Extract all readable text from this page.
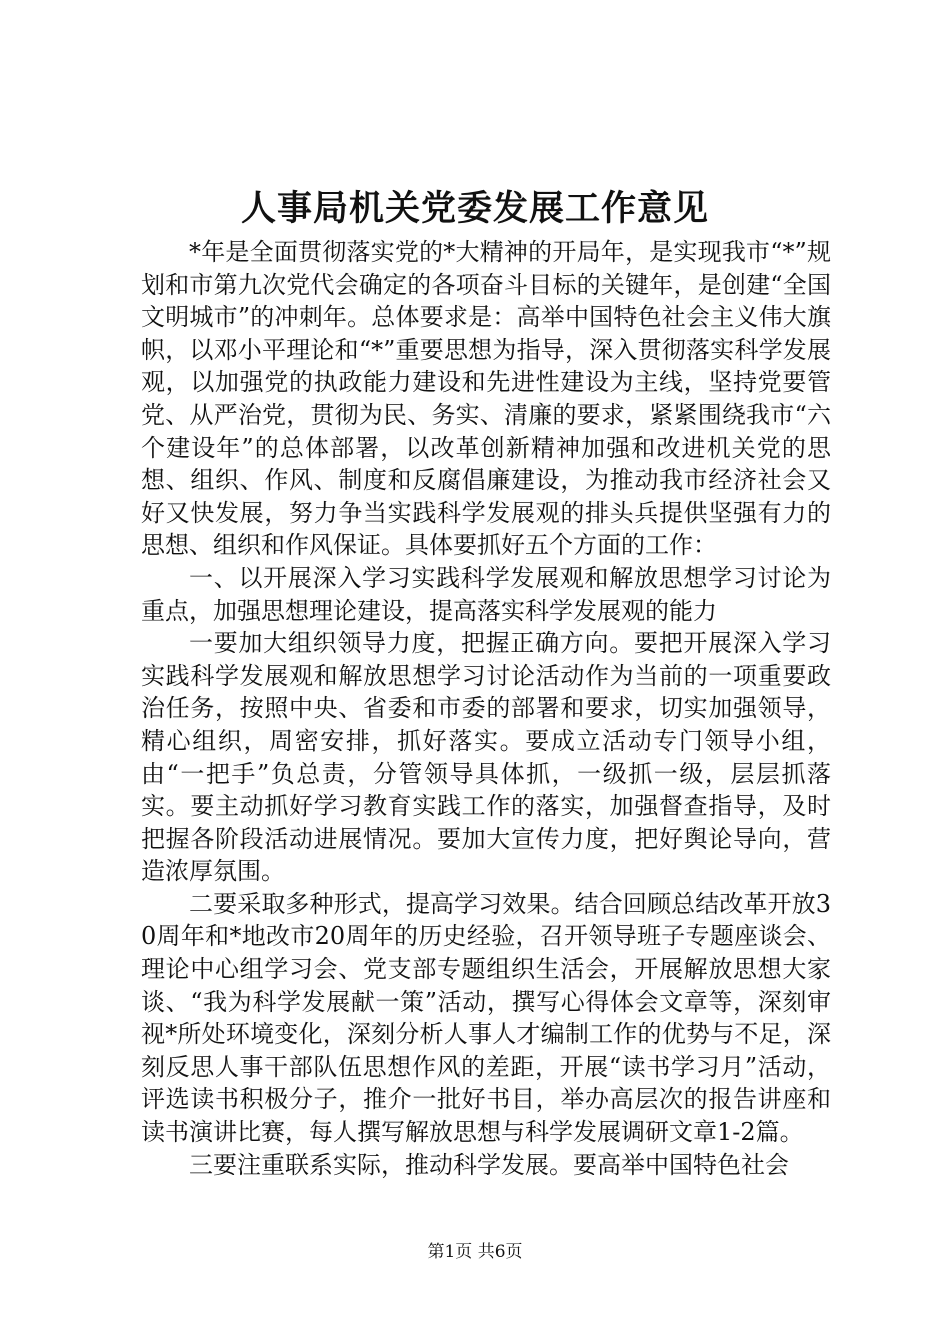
人事局机关党委发展工作意见

*年是全面贯彻落实党的*大精神的开局年，是实现我市“*”规划和市第九次党代会确定的各项奋斗目标的关键年，是创建“全国文明城市”的冲刺年。总体要求是：高举中国特色社会主义伟大旗帜，以邓小平理论和“*”重要思想为指导，深入贯彻落实科学发展观，以加强党的执政能力建设和先进性建设为主线，坚持党要管党、从严治党，贯彻为民、务实、清廉的要求，紧紧围绕我市“六个建设年”的总体部署，以改革创新精神加强和改进机关党的思想、组织、作风、制度和反腐倡廉建设，为推动我市经济社会又好又快发展，努力争当实践科学发展观的排头兵提供坚强有力的思想、组织和作风保证。具体要抓好五个方面的工作：

一、以开展深入学习实践科学发展观和解放思想学习讨论为重点，加强思想理论建设，提高落实科学发展观的能力

一要加大组织领导力度，把握正确方向。要把开展深入学习实践科学发展观和解放思想学习讨论活动作为当前的一项重要政治任务，按照中央、省委和市委的部署和要求，切实加强领导，精心组织，周密安排，抓好落实。要成立活动专门领导小组，由“一把手”负总责，分管领导具体抓，一级抓一级，层层抓落实。要主动抓好学习教育实践工作的落实，加强督查指导，及时把握各阶段活动进展情况。要加大宣传力度，把好舆论导向，营造浓厚氛围。

二要采取多种形式，提高学习效果。结合回顾总结改革开放30周年和*地改市20周年的历史经验，召开领导班子专题座谈会、理论中心组学习会、党支部专题组织生活会，开展解放思想大家谈、“我为科学发展献一策”活动，撰写心得体会文章等，深刻审视*所处环境变化，深刻分析人事人才编制工作的优势与不足，深刻反思人事干部队伍思想作风的差距，开展“读书学习月”活动，评选读书积极分子，推介一批好书目，举办高层次的报告讲座和读书演讲比赛，每人撰写解放思想与科学发展调研文章1-2篇。

三要注重联系实际，推动科学发展。要高举中国特色社会

第1页 共6页
